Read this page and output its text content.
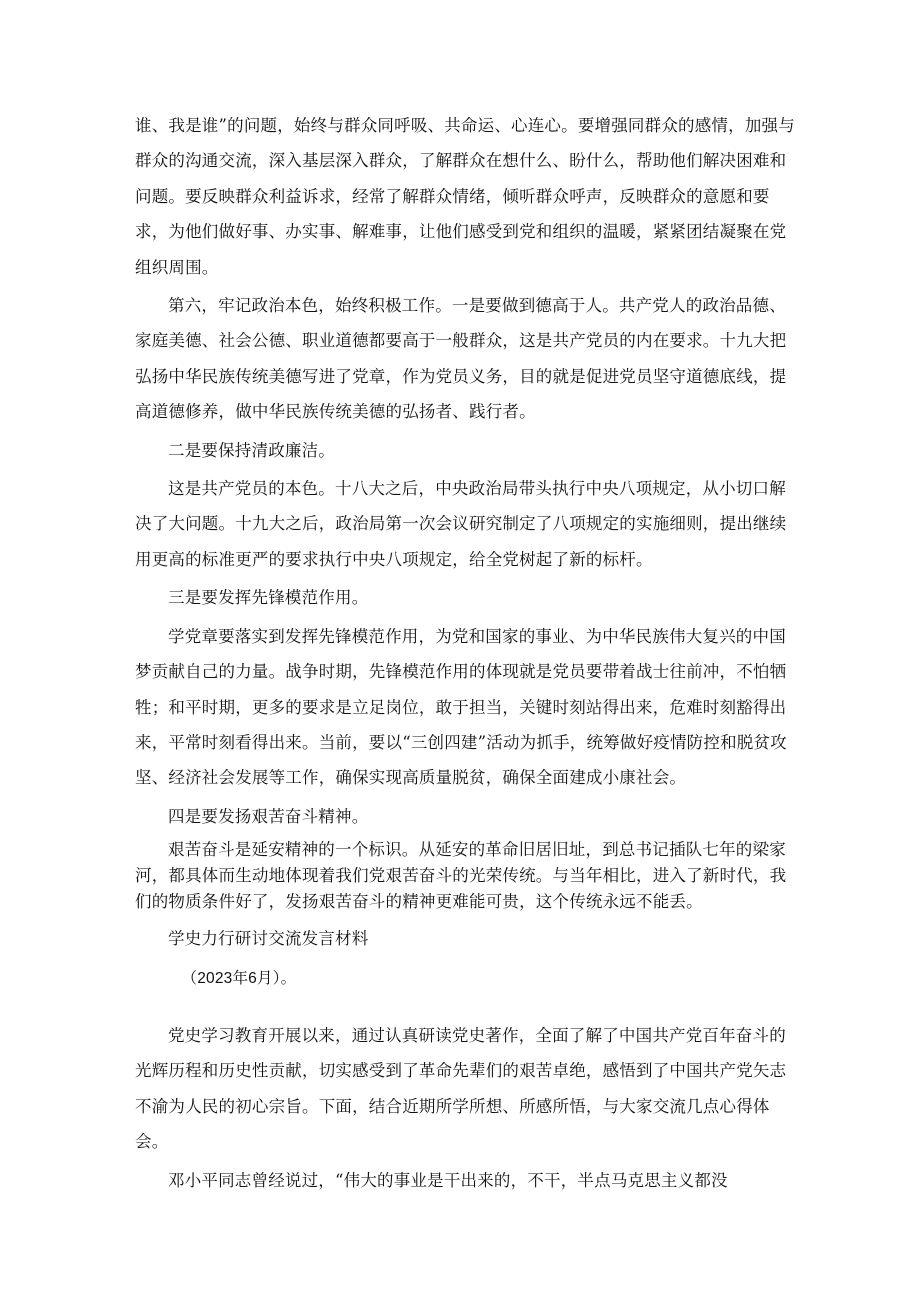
谁、我是谁”的问题，始终与群众同呼吸、共命运、心连心。要增强同群众的感情，加强与群众的沟通交流，深入基层深入群众，了解群众在想什么、盼什么，帮助他们解决困难和问题。要反映群众利益诉求，经常了解群众情绪，倾听群众呼声，反映群众的意愿和要求，为他们做好事、办实事、解难事，让他们感受到党和组织的温暖，紧紧团结凝聚在党组织周围。

第六，牢记政治本色，始终积极工作。一是要做到德高于人。共产党人的政治品德、家庭美德、社会公德、职业道德都要高于一般群众，这是共产党员的内在要求。十九大把弘扬中华民族传统美德写进了党章，作为党员义务，目的就是促进党员坚守道德底线，提高道德修养，做中华民族传统美德的弘扬者、践行者。

二是要保持清政廉洁。

这是共产党员的本色。十八大之后，中央政治局带头执行中央八项规定，从小切口解决了大问题。十九大之后，政治局第一次会议研究制定了八项规定的实施细则，提出继续用更高的标准更严的要求执行中央八项规定，给全党树起了新的标杆。

三是要发挥先锋模范作用。

学党章要落实到发挥先锋模范作用，为党和国家的事业、为中华民族伟大复兴的中国梦贡献自己的力量。战争时期，先锋模范作用的体现就是党员要带着战士往前冲，不怕牺牲；和平时期，更多的要求是立足岗位，敢于担当，关键时刻站得出来，危难时刻豁得出来，平常时刻看得出来。当前，要以“三创四建”活动为抓手，统筹做好疫情防控和脱贫攻坚、经济社会发展等工作，确保实现高质量脱贫，确保全面建成小康社会。

四是要发扬艰苦奋斗精神。

艰苦奋斗是延安精神的一个标识。从延安的革命旧居旧址，到总书记插队七年的梁家河，都具体而生动地体现着我们党艰苦奋斗的光荣传统。与当年相比，进入了新时代，我们的物质条件好了，发扬艰苦奋斗的精神更难能可贵，这个传统永远不能丢。

学史力行研讨交流发言材料

（2023年6月）。

党史学习教育开展以来，通过认真研读党史著作，全面了解了中国共产党百年奋斗的光辉历程和历史性贡献，切实感受到了革命先辈们的艰苦卓绝，感悟到了中国共产党矢志不渝为人民的初心宗旨。下面，结合近期所学所想、所感所悟，与大家交流几点心得体会。

邓小平同志曾经说过，“伟大的事业是干出来的，不干，半点马克思主义都没
